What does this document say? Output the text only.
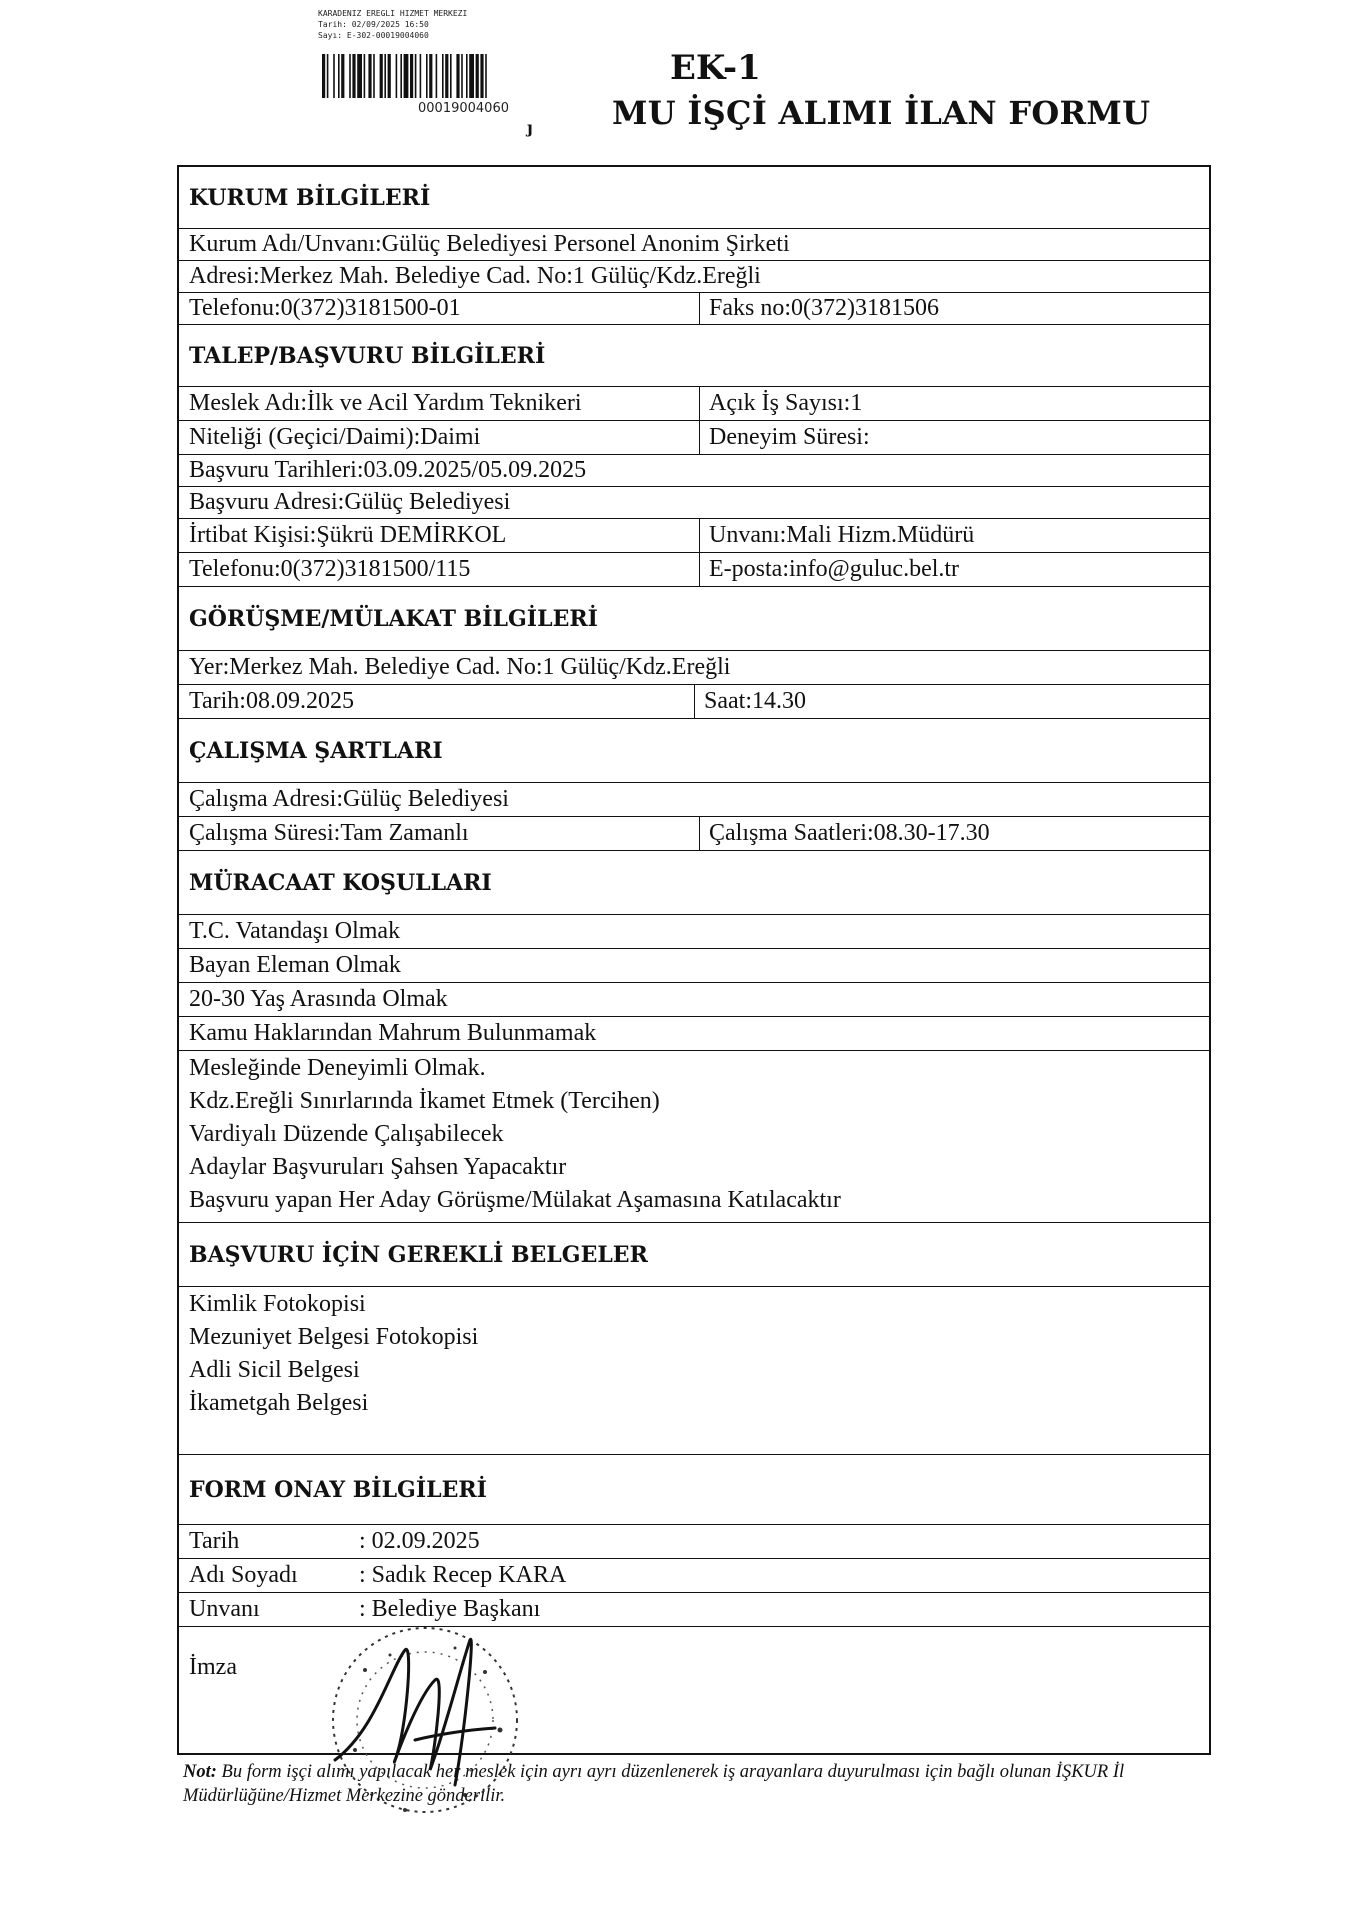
KARADENIZ EREGLI HIZMET MERKEZI
Tarih: 02/09/2025 16:50
Sayı: E-302-00019004060
00019004060
ȷ
EK-1
MU İŞÇİ ALIMI İLAN FORMU
KURUM BİLGİLERİ
Kurum Adı/Unvanı:Gülüç Belediyesi Personel Anonim Şirketi
Adresi:Merkez Mah. Belediye Cad. No:1 Gülüç/Kdz.Ereğli
Telefonu:0(372)3181500-01	Faks no:0(372)3181506
TALEP/BAŞVURU BİLGİLERİ
Meslek Adı:İlk ve Acil Yardım Teknikeri	Açık İş Sayısı:1
Niteliği (Geçici/Daimi):Daimi	Deneyim Süresi:
Başvuru Tarihleri:03.09.2025/05.09.2025
Başvuru Adresi:Gülüç Belediyesi
İrtibat Kişisi:Şükrü DEMİRKOL	Unvanı:Mali Hizm.Müdürü
Telefonu:0(372)3181500/115	E-posta:info@guluc.bel.tr
GÖRÜŞME/MÜLAKAT BİLGİLERİ
Yer:Merkez Mah. Belediye Cad. No:1 Gülüç/Kdz.Ereğli
Tarih:08.09.2025	Saat:14.30
ÇALIŞMA ŞARTLARI
Çalışma Adresi:Gülüç Belediyesi
Çalışma Süresi:Tam Zamanlı	Çalışma Saatleri:08.30-17.30
MÜRACAAT KOŞULLARI
T.C. Vatandaşı Olmak
Bayan Eleman Olmak
20-30 Yaş Arasında Olmak
Kamu Haklarından Mahrum Bulunmamak
Mesleğinde Deneyimli Olmak.
Kdz.Ereğli Sınırlarında İkamet Etmek (Tercihen)
Vardiyalı Düzende Çalışabilecek
Adaylar Başvuruları Şahsen Yapacaktır
Başvuru yapan Her Aday Görüşme/Mülakat Aşamasına Katılacaktır
BAŞVURU İÇİN GEREKLİ BELGELER
Kimlik Fotokopisi
Mezuniyet Belgesi Fotokopisi
Adli Sicil Belgesi
İkametgah Belgesi
FORM ONAY BİLGİLERİ
Tarih	: 02.09.2025
Adı Soyadı	: Sadık Recep KARA
Unvanı	: Belediye Başkanı
İmza
Not: Bu form işçi alımı yapılacak her meslek için ayrı ayrı düzenlenerek iş arayanlara duyurulması için bağlı olunan İŞKUR İl Müdürlüğüne/Hizmet Merkezine gönderilir.
